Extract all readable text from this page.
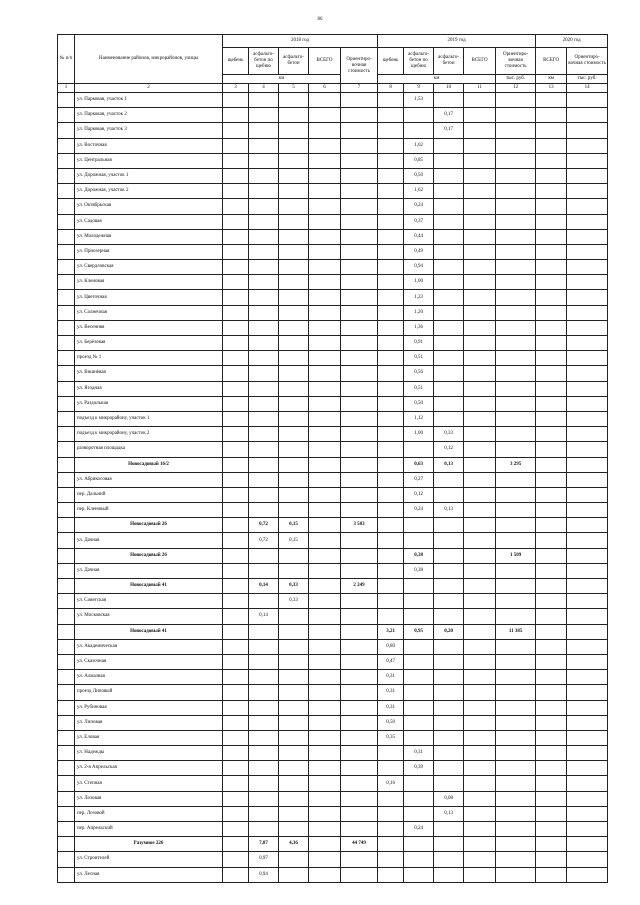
86
№ п/п	Наименование районов, микрорайонов, улицы	2018 год					2019 год					2020 год	
		щебень	асфальто-бетон по щебню	асфальто-бетон	ВСЕГО	Ориентиро-вочная стоимость	щебень	асфальто-бетон по щебню	асфальто-бетон	ВСЕГО	Ориентиро-вочная стоимость	ВСЕГО	Ориентиро-вочная стоимость
		км					км				тыс. руб.	км	тыс. руб.
1	2	3	4	5	6	7	8	9	10	11	12	13	14
	ул. Парковая, участок 1							1,53					
	ул. Парковая, участок 2								0,17				
	ул. Парковая, участок 3								0,17				
	ул. Восточная							1,02					
	ул. Центральная							0,85					
	ул. Дорожная, участок 1							0,50					
	ул. Дорожная, участок 2							1,62					
	ул. Октябрьская							0,24					
	ул. Садовая							0,37					
	ул. Молодежная							0,44					
	ул. Приозерная							0,49					
	ул. Свердловская							0,94					
	ул. Кленовая							1,00					
	ул. Цветочная							1,23					
	ул. Солнечная							1,20					
	ул. Весенняя							1,36					
	ул. Берёзовая							0,91					
	проезд № 1							0,51					
	ул. Вишнёвая							0,56					
	ул. Ягодная							0,51					
	ул. Раздольная							0,50					
	подъезд к микрорайону, участок 1							1,12					
	подъезд к микрорайону, участок 2							1,00	0,33				
	разворотная площадка								0,12				
	Новосадовый 16/2							0,63	0,13		3 295		
	ул. Абрикосовая							0,27					
	пер. Дальний							0,12					
	пер. Кленовый							0,24	0,13				
	Новосадовый 26		0,72	0,15		3 503							
	ул. Дачная		0,72	0,15									
	Новосадовый 26							0,38			1 509		
	ул. Дачная							0,38					
	Новосадовый 41		0,14	0,33		2 249							
	ул. Советская			0,33									
	ул. Московская		0,14										
	Новосадовый 41						3,21	0,95	0,20		11 385		
	ул. Академическая						0,80						
	ул. Сказочная						0,47						
	ул. Алмазная						0,31						
	проезд Липовый						0,31						
	ул. Рубиновая						0,31						
	ул. Липовая						0,50						
	ул. Еловая						0,35						
	ул. Надежды							0,31					
	ул. 2-я Апрельская							0,39					
	ул. Степная						0,16						
	ул. Лозовая								0,08				
	пер. Лозовой								0,13				
	пер. Апрельский							0,24					
	Разумное 226		7,87	4,36		44 749							
	ул. Строителей		0,97										
	ул. Лесная		0,94										
